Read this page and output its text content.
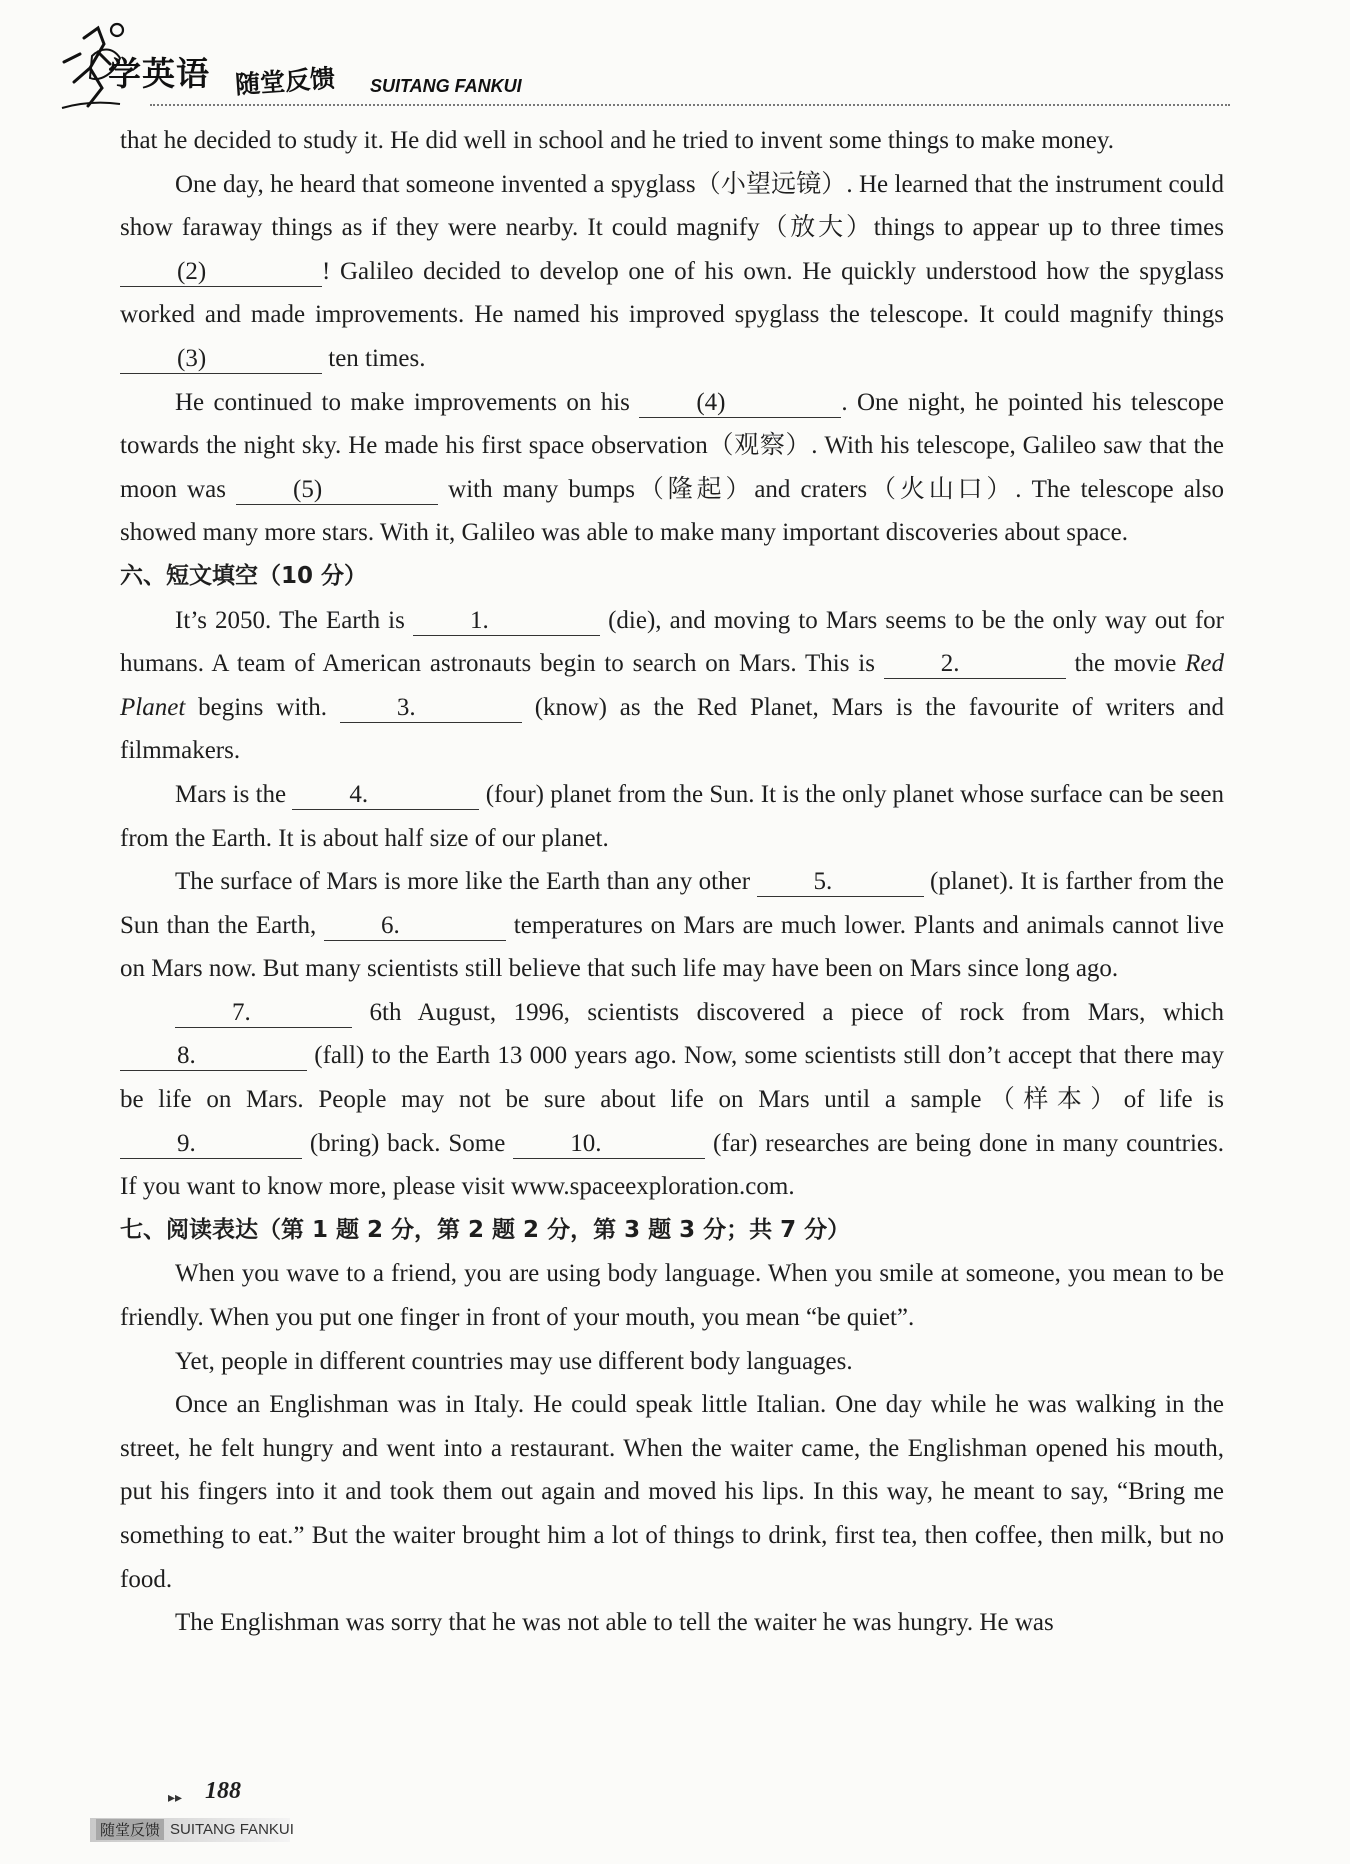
学英语 随堂反馈 SUITANG FANKUI

that he decided to study it. He did well in school and he tried to invent some things to make money.

One day, he heard that someone invented a spyglass（小望远镜）. He learned that the instrument could show faraway things as if they were nearby. It could magnify（放大）things to appear up to three times (2)	! Galileo decided to develop one of his own. He quickly understood how the spyglass worked and made improvements. He named his improved spyglass the telescope. It could magnify things (3)	ten times.

He continued to make improvements on his (4)	. One night, he pointed his telescope towards the night sky. He made his first space observation（观察）. With his telescope, Galileo saw that the moon was (5)	with many bumps（隆起）and craters（火山口）. The telescope also showed many more stars. With it, Galileo was able to make many important discoveries about space.

六、短文填空（10 分）

It’s 2050. The Earth is 1.	(die), and moving to Mars seems to be the only way out for humans. A team of American astronauts begin to search on Mars. This is 2.	the movie Red Planet begins with. 3.	(know) as the Red Planet, Mars is the favourite of writers and filmmakers.

Mars is the 4.	(four) planet from the Sun. It is the only planet whose surface can be seen from the Earth. It is about half size of our planet.

The surface of Mars is more like the Earth than any other 5.	(planet). It is farther from the Sun than the Earth, 6.	temperatures on Mars are much lower. Plants and animals cannot live on Mars now. But many scientists still believe that such life may have been on Mars since long ago.

7.	6th August, 1996, scientists discovered a piece of rock from Mars, which 8.	(fall) to the Earth 13 000 years ago. Now, some scientists still don’t accept that there may be life on Mars. People may not be sure about life on Mars until a sample（样本）of life is 9.	(bring) back. Some 10.	(far) researches are being done in many countries. If you want to know more, please visit www.spaceexploration.com.

七、阅读表达（第 1 题 2 分，第 2 题 2 分，第 3 题 3 分；共 7 分）

When you wave to a friend, you are using body language. When you smile at someone, you mean to be friendly. When you put one finger in front of your mouth, you mean “be quiet”.

Yet, people in different countries may use different body languages.

Once an Englishman was in Italy. He could speak little Italian. One day while he was walking in the street, he felt hungry and went into a restaurant. When the waiter came, the Englishman opened his mouth, put his fingers into it and took them out again and moved his lips. In this way, he meant to say, “Bring me something to eat.” But the waiter brought him a lot of things to drink, first tea, then coffee, then milk, but no food.

The Englishman was sorry that he was not able to tell the waiter he was hungry. He was

▸▸ 188
随堂反馈 SUITANG FANKUI
